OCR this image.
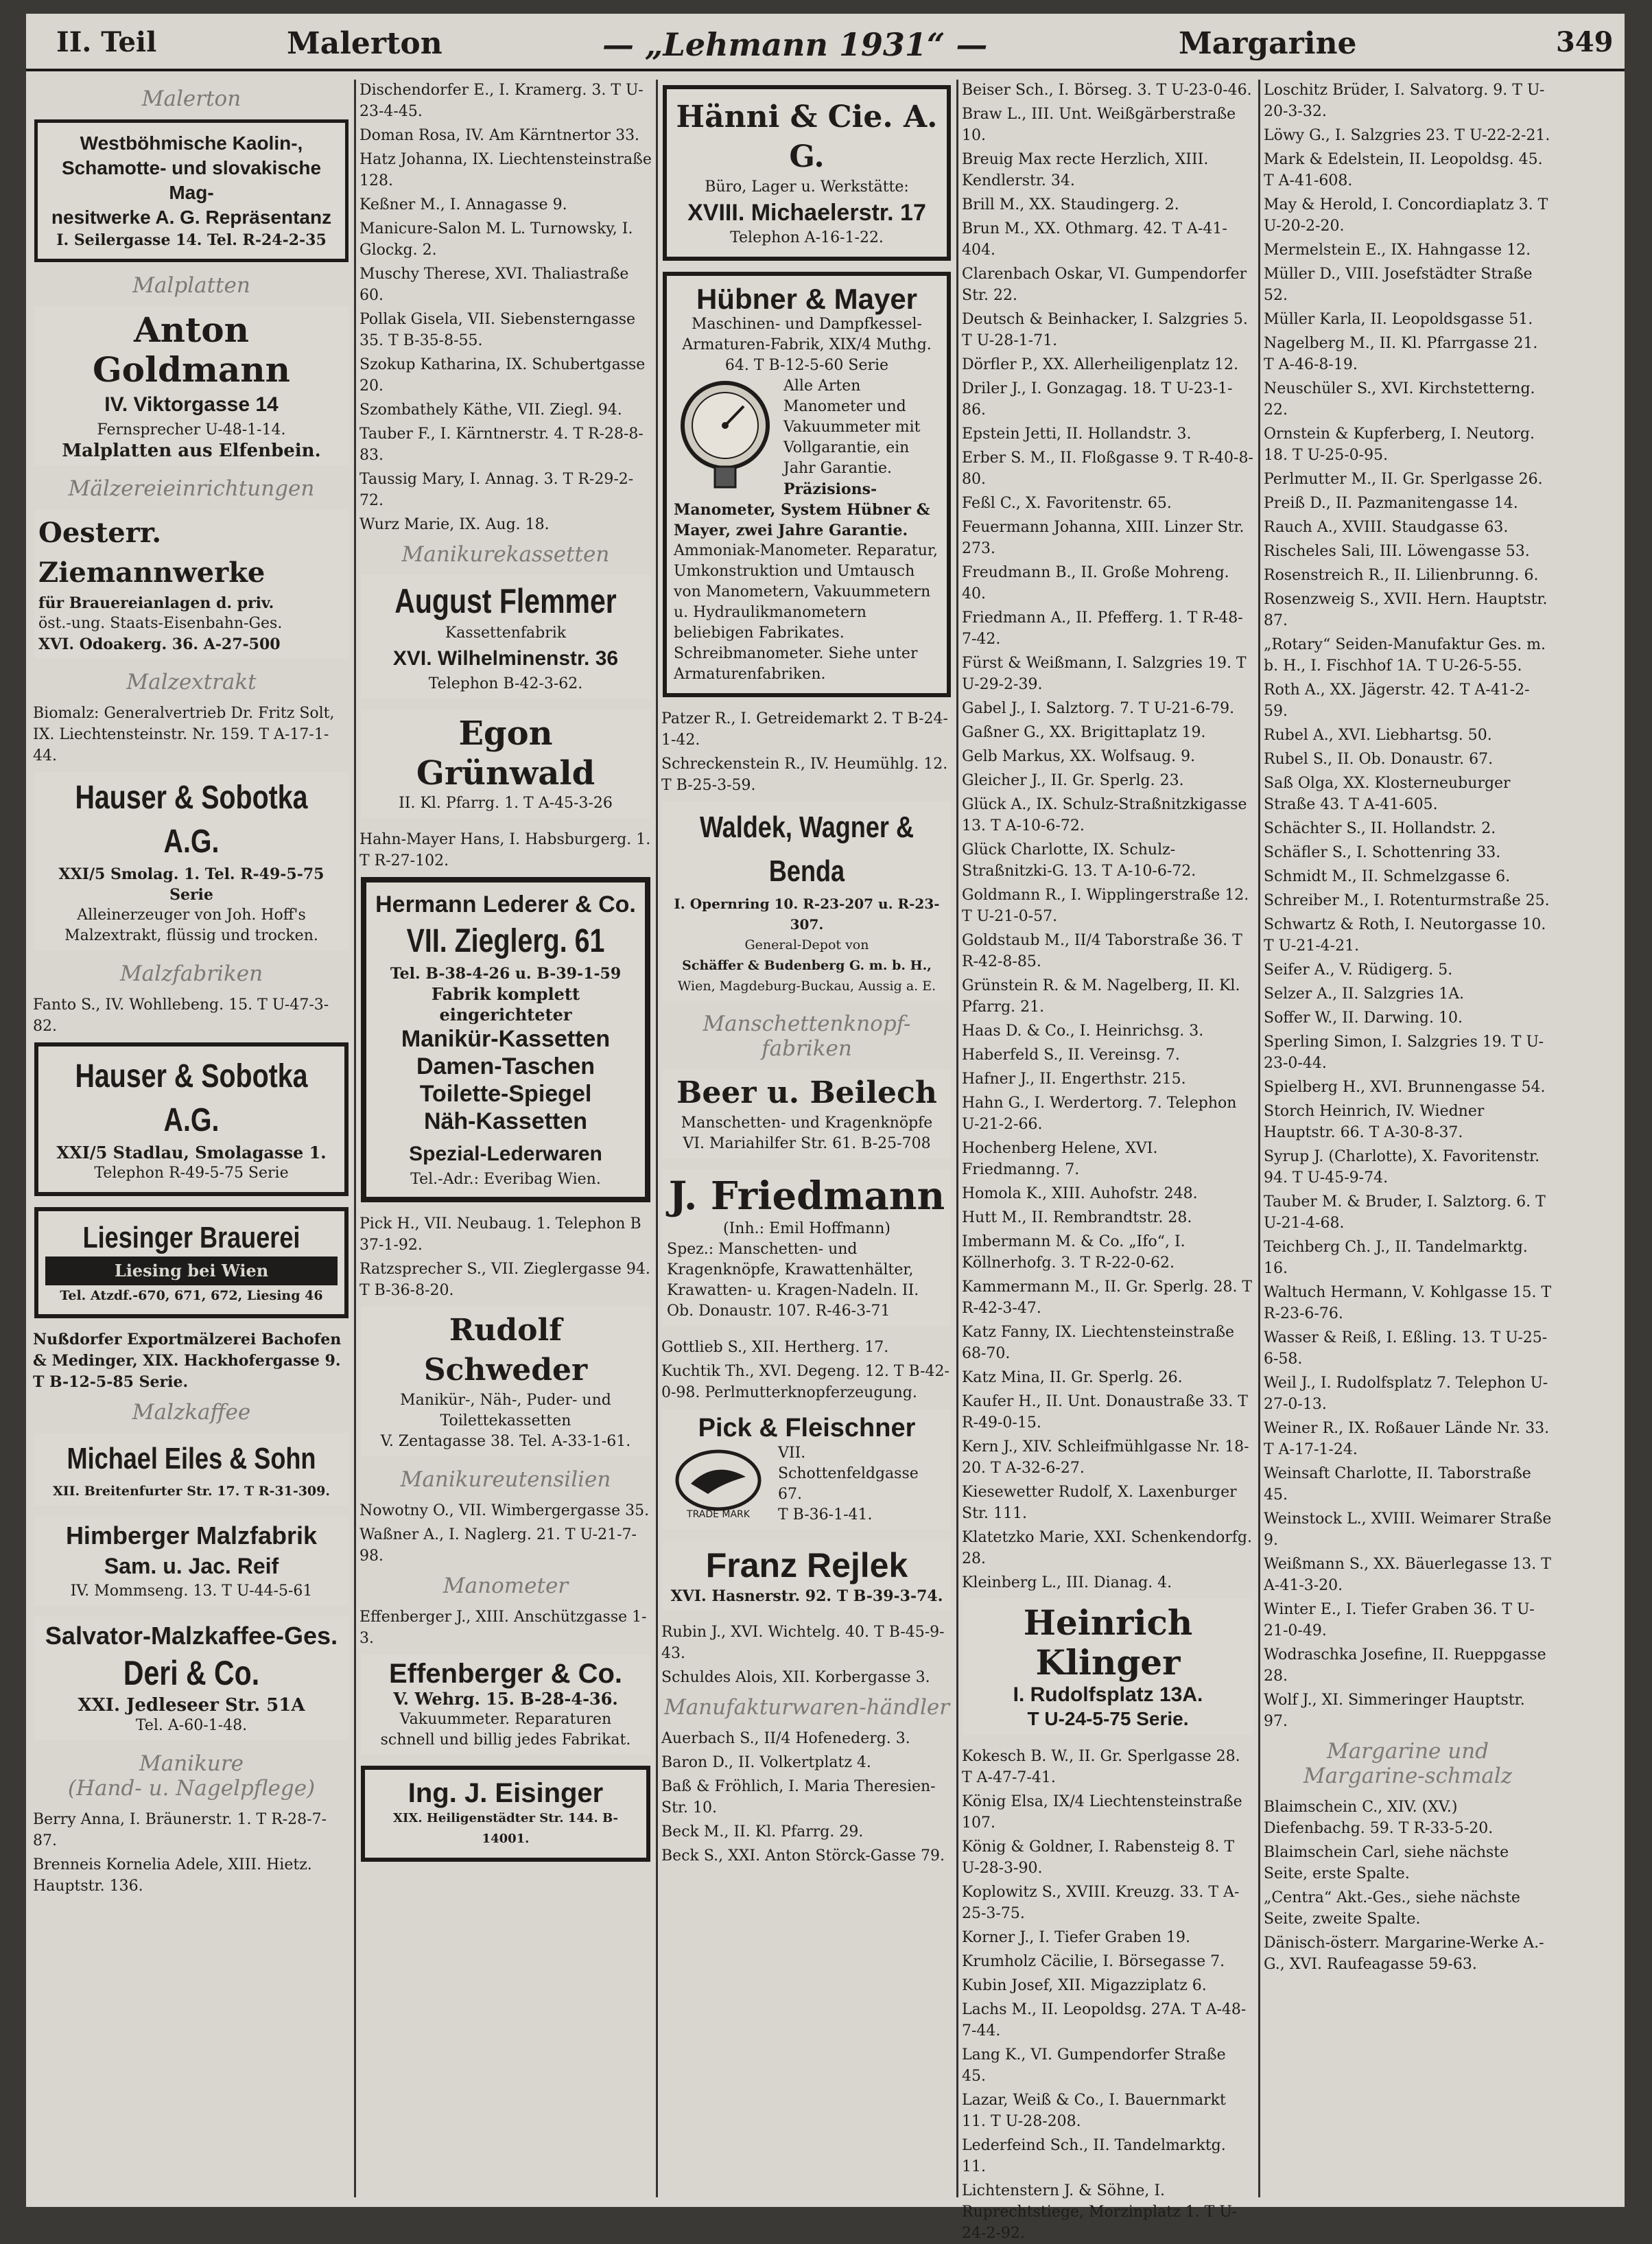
II. Teil	Malerton	— „Lehmann 1931“ —	Margarine	349
Malerton
Westböhmische Kaolin-,
Schamotte- und slovakische Mag-
nesitwerke A. G. Repräsentanz
I. Seilergasse 14. Tel. R-24-2-35
Malplatten
Anton Goldmann
IV. Viktorgasse 14
Fernsprecher U-48-1-14.
Malplatten aus Elfenbein.
Mälzereieinrichtungen
Oesterr. Ziemannwerke
für Brauereianlagen d. priv.
öst.-ung. Staats-Eisenbahn-Ges.
XVI. Odoakerg. 36. A-27-500
Malzextrakt
Biomalz: Generalvertrieb Dr. Fritz Solt, IX. Liechtensteinstr. Nr. 159. T A-17-1-44.
Hauser & Sobotka A.G.
XXI/5 Smolag. 1. Tel. R-49-5-75 Serie
Alleinerzeuger von Joh. Hoff's
Malzextrakt, flüssig und trocken.
Malzfabriken
Fanto S., IV. Wohllebeng. 15. T U-47-3-82.
Hauser & Sobotka A.G.
XXI/5 Stadlau, Smolagasse 1.
Telephon R-49-5-75 Serie
Liesinger Brauerei
Liesing bei Wien
Tel. Atzdf.-670, 671, 672, Liesing 46
Nußdorfer Exportmälzerei Bachofen & Medinger, XIX. Hackhofergasse 9. T B-12-5-85 Serie.
Malzkaffee
Michael Eiles & Sohn
XII. Breitenfurter Str. 17. T R-31-309.
Himberger Malzfabrik
Sam. u. Jac. Reif
IV. Mommseng. 13. T U-44-5-61
Salvator-Malzkaffee-Ges.
Deri & Co.
XXI. Jedleseer Str. 51A
Tel. A-60-1-48.
Manikure
(Hand- u. Nagelpflege)
Berry Anna, I. Bräunerstr. 1. T R-28-7-87.
Brenneis Kornelia Adele, XIII. Hietz. Hauptstr. 136.
Dischendorfer E., I. Kramerg. 3. T U-23-4-45.
Doman Rosa, IV. Am Kärntnertor 33.
Hatz Johanna, IX. Liechtensteinstraße 128.
Keßner M., I. Annagasse 9.
Manicure-Salon M. L. Turnowsky, I. Glockg. 2.
Muschy Therese, XVI. Thaliastraße 60.
Pollak Gisela, VII. Siebensterngasse 35. T B-35-8-55.
Szokup Katharina, IX. Schubertgasse 20.
Szombathely Käthe, VII. Ziegl. 94.
Tauber F., I. Kärntnerstr. 4. T R-28-8-83.
Taussig Mary, I. Annag. 3. T R-29-2-72.
Wurz Marie, IX. Aug. 18.
Manikurekassetten
August Flemmer
Kassettenfabrik
XVI. Wilhelminenstr. 36
Telephon B-42-3-62.
Egon Grünwald
II. Kl. Pfarrg. 1. T A-45-3-26
Hahn-Mayer Hans, I. Habsburgerg. 1. T R-27-102.
Hermann Lederer & Co.
VII. Zieglerg. 61
Tel. B-38-4-26 u. B-39-1-59
Fabrik komplett eingerichteter
Manikür-Kassetten
Damen-Taschen
Toilette-Spiegel
Näh-Kassetten
Spezial-Lederwaren
Tel.-Adr.: Everibag Wien.
Pick H., VII. Neubaug. 1. Telephon B 37-1-92.
Ratzsprecher S., VII. Zieglergasse 94. T B-36-8-20.
Rudolf Schweder
Manikür-, Näh-, Puder- und Toilettekassetten
V. Zentagasse 38. Tel. A-33-1-61.
Manikureutensilien
Nowotny O., VII. Wimbergergasse 35.
Waßner A., I. Naglerg. 21. T U-21-7-98.
Manometer
Effenberger J., XIII. Anschützgasse 1-3.
Effenberger & Co.
V. Wehrg. 15. B-28-4-36.
Vakuummeter. Reparaturen
schnell und billig jedes Fabrikat.
Ing. J. Eisinger
XIX. Heiligenstädter Str. 144. B-14001.
Hänni & Cie. A. G.
Büro, Lager u. Werkstätte:
XVIII. Michaelerstr. 17
Telephon A-16-1-22.
Hübner & Mayer
Maschinen- und Dampfkessel-Armaturen-Fabrik, XIX/4 Muthg. 64. T B-12-5-60 Serie
Alle Arten Manometer und Vakuummeter mit Vollgarantie, ein Jahr Garantie.
Präzisions-Manometer, System Hübner & Mayer, zwei Jahre Garantie.
Ammoniak-Manometer. Reparatur, Umkonstruktion und Umtausch von Manometern, Vakuummetern u. Hydraulikmanometern beliebigen Fabrikates. Schreibmanometer. Siehe unter Armaturenfabriken.
Patzer R., I. Getreidemarkt 2. T B-24-1-42.
Schreckenstein R., IV. Heumühlg. 12. T B-25-3-59.
Waldek, Wagner & Benda
I. Opernring 10. R-23-207 u. R-23-307.
General-Depot von
Schäffer & Budenberg G. m. b. H.,
Wien, Magdeburg-Buckau, Aussig a. E.
Manschettenknopf-fabriken
Beer u. Beilech
Manschetten- und Kragenknöpfe
VI. Mariahilfer Str. 61. B-25-708
J. Friedmann
(Inh.: Emil Hoffmann)
Spez.: Manschetten- und Kragenknöpfe, Krawattenhälter, Krawatten- u. Kragen-Nadeln. II. Ob. Donaustr. 107. R-46-3-71
Gottlieb S., XII. Hertherg. 17.
Kuchtik Th., XVI. Degeng. 12. T B-42-0-98. Perlmutterknopferzeugung.
Pick & Fleischner
TRADE MARK
VII. Schottenfeldgasse 67.
T B-36-1-41.
Franz Rejlek
XVI. Hasnerstr. 92. T B-39-3-74.
Rubin J., XVI. Wichtelg. 40. T B-45-9-43.
Schuldes Alois, XII. Korbergasse 3.
Manufakturwaren-händler
Auerbach S., II/4 Hofenederg. 3.
Baron D., II. Volkertplatz 4.
Baß & Fröhlich, I. Maria Theresien-Str. 10.
Beck M., II. Kl. Pfarrg. 29.
Beck S., XXI. Anton Störck-Gasse 79.
Beiser Sch., I. Börseg. 3. T U-23-0-46.
Braw L., III. Unt. Weißgärberstraße 10.
Breuig Max recte Herzlich, XIII. Kendlerstr. 34.
Brill M., XX. Staudingerg. 2.
Brun M., XX. Othmarg. 42. T A-41-404.
Clarenbach Oskar, VI. Gumpendorfer Str. 22.
Deutsch & Beinhacker, I. Salzgries 5. T U-28-1-71.
Dörfler P., XX. Allerheiligenplatz 12.
Driler J., I. Gonzagag. 18. T U-23-1-86.
Epstein Jetti, II. Hollandstr. 3.
Erber S. M., II. Floßgasse 9. T R-40-8-80.
Feßl C., X. Favoritenstr. 65.
Feuermann Johanna, XIII. Linzer Str. 273.
Freudmann B., II. Große Mohreng. 40.
Friedmann A., II. Pfefferg. 1. T R-48-7-42.
Fürst & Weißmann, I. Salzgries 19. T U-29-2-39.
Gabel J., I. Salztorg. 7. T U-21-6-79.
Gaßner G., XX. Brigittaplatz 19.
Gelb Markus, XX. Wolfsaug. 9.
Gleicher J., II. Gr. Sperlg. 23.
Glück A., IX. Schulz-Straßnitzkigasse 13. T A-10-6-72.
Glück Charlotte, IX. Schulz-Straßnitzki-G. 13. T A-10-6-72.
Goldmann R., I. Wipplingerstraße 12. T U-21-0-57.
Goldstaub M., II/4 Taborstraße 36. T R-42-8-85.
Grünstein R. & M. Nagelberg, II. Kl. Pfarrg. 21.
Haas D. & Co., I. Heinrichsg. 3.
Haberfeld S., II. Vereinsg. 7.
Hafner J., II. Engerthstr. 215.
Hahn G., I. Werdertorg. 7. Telephon U-21-2-66.
Hochenberg Helene, XVI. Friedmanng. 7.
Homola K., XIII. Auhofstr. 248.
Hutt M., II. Rembrandtstr. 28.
Imbermann M. & Co. „Ifo“, I. Köllnerhofg. 3. T R-22-0-62.
Kammermann M., II. Gr. Sperlg. 28. T R-42-3-47.
Katz Fanny, IX. Liechtensteinstraße 68-70.
Katz Mina, II. Gr. Sperlg. 26.
Kaufer H., II. Unt. Donaustraße 33. T R-49-0-15.
Kern J., XIV. Schleifmühlgasse Nr. 18-20. T A-32-6-27.
Kiesewetter Rudolf, X. Laxenburger Str. 111.
Klatetzko Marie, XXI. Schenkendorfg. 28.
Kleinberg L., III. Dianag. 4.
Heinrich Klinger
I. Rudolfsplatz 13A.
T U-24-5-75 Serie.
Kokesch B. W., II. Gr. Sperlgasse 28. T A-47-7-41.
König Elsa, IX/4 Liechtensteinstraße 107.
König & Goldner, I. Rabensteig 8. T U-28-3-90.
Koplowitz S., XVIII. Kreuzg. 33. T A-25-3-75.
Korner J., I. Tiefer Graben 19.
Krumholz Cäcilie, I. Börsegasse 7.
Kubin Josef, XII. Migazziplatz 6.
Lachs M., II. Leopoldsg. 27A. T A-48-7-44.
Lang K., VI. Gumpendorfer Straße 45.
Lazar, Weiß & Co., I. Bauernmarkt 11. T U-28-208.
Lederfeind Sch., II. Tandelmarktg. 11.
Lichtenstern J. & Söhne, I. Ruprechtstiege, Morzinplatz 1. T U-24-2-92.
Loschitz Brüder, I. Salvatorg. 9. T U-20-3-32.
Löwy G., I. Salzgries 23. T U-22-2-21.
Mark & Edelstein, II. Leopoldsg. 45. T A-41-608.
May & Herold, I. Concordiaplatz 3. T U-20-2-20.
Mermelstein E., IX. Hahngasse 12.
Müller D., VIII. Josefstädter Straße 52.
Müller Karla, II. Leopoldsgasse 51.
Nagelberg M., II. Kl. Pfarrgasse 21. T A-46-8-19.
Neuschüler S., XVI. Kirchstetterng. 22.
Ornstein & Kupferberg, I. Neutorg. 18. T U-25-0-95.
Perlmutter M., II. Gr. Sperlgasse 26.
Preiß D., II. Pazmanitengasse 14.
Rauch A., XVIII. Staudgasse 63.
Rischeles Sali, III. Löwengasse 53.
Rosenstreich R., II. Lilienbrunng. 6.
Rosenzweig S., XVII. Hern. Hauptstr. 87.
„Rotary“ Seiden-Manufaktur Ges. m. b. H., I. Fischhof 1A. T U-26-5-55.
Roth A., XX. Jägerstr. 42. T A-41-2-59.
Rubel A., XVI. Liebhartsg. 50.
Rubel S., II. Ob. Donaustr. 67.
Saß Olga, XX. Klosterneuburger Straße 43. T A-41-605.
Schächter S., II. Hollandstr. 2.
Schäfler S., I. Schottenring 33.
Schmidt M., II. Schmelzgasse 6.
Schreiber M., I. Rotenturmstraße 25.
Schwartz & Roth, I. Neutorgasse 10. T U-21-4-21.
Seifer A., V. Rüdigerg. 5.
Selzer A., II. Salzgries 1A.
Soffer W., II. Darwing. 10.
Sperling Simon, I. Salzgries 19. T U-23-0-44.
Spielberg H., XVI. Brunnengasse 54.
Storch Heinrich, IV. Wiedner Hauptstr. 66. T A-30-8-37.
Syrup J. (Charlotte), X. Favoritenstr. 94. T U-45-9-74.
Tauber M. & Bruder, I. Salztorg. 6. T U-21-4-68.
Teichberg Ch. J., II. Tandelmarktg. 16.
Waltuch Hermann, V. Kohlgasse 15. T R-23-6-76.
Wasser & Reiß, I. Eßling. 13. T U-25-6-58.
Weil J., I. Rudolfsplatz 7. Telephon U-27-0-13.
Weiner R., IX. Roßauer Lände Nr. 33. T A-17-1-24.
Weinsaft Charlotte, II. Taborstraße 45.
Weinstock L., XVIII. Weimarer Straße 9.
Weißmann S., XX. Bäuerlegasse 13. T A-41-3-20.
Winter E., I. Tiefer Graben 36. T U-21-0-49.
Wodraschka Josefine, II. Rueppgasse 28.
Wolf J., XI. Simmeringer Hauptstr. 97.
Margarine und Margarine-schmalz
Blaimschein C., XIV. (XV.) Diefenbachg. 59. T R-33-5-20.
Blaimschein Carl, siehe nächste Seite, erste Spalte.
„Centra“ Akt.-Ges., siehe nächste Seite, zweite Spalte.
Dänisch-österr. Margarine-Werke A.-G., XVI. Raufeagasse 59-63.
